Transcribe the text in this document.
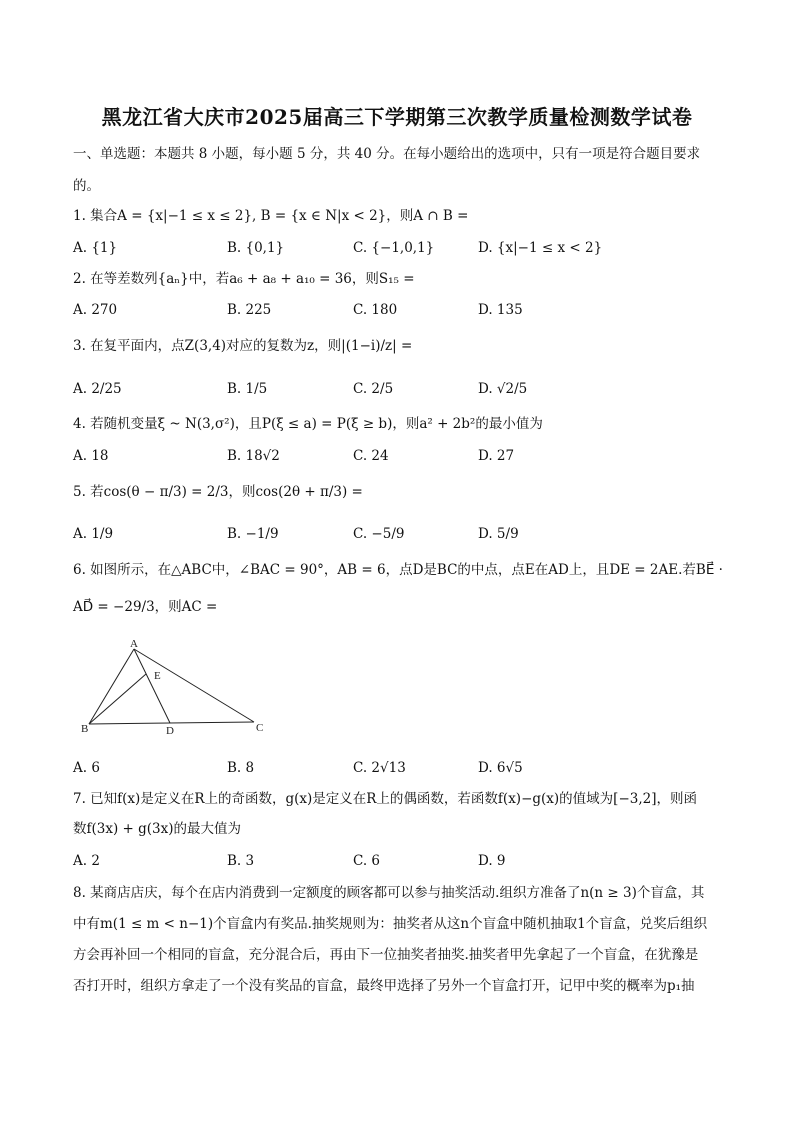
黑龙江省大庆市2025届高三下学期第三次教学质量检测数学试卷
一、单选题：本题共 8 小题，每小题 5 分，共 40 分。在每小题给出的选项中，只有一项是符合题目要求
的。
1. 集合A = {x|−1 ≤ x ≤ 2}, B = {x ∈ N|x < 2}，则A ∩ B =
A. {1}	B. {0,1}	C. {−1,0,1}	D. {x|−1 ≤ x < 2}
2. 在等差数列{aₙ}中，若a₆ + a₈ + a₁₀ = 36，则S₁₅ =
A. 270	B. 225	C. 180	D. 135
3. 在复平面内，点Z(3,4)对应的复数为z，则|(1−i)/z| =
A. 2/25	B. 1/5	C. 2/5	D. √2/5
4. 若随机变量ξ ~ N(3,σ²)，且P(ξ ≤ a) = P(ξ ≥ b)，则a² + 2b²的最小值为
A. 18	B. 18√2	C. 24	D. 27
5. 若cos(θ − π/3) = 2/3，则cos(2θ + π/3) =
A. 1/9	B. −1/9	C. −5/9	D. 5/9
6. 如图所示，在△ABC中，∠BAC = 90°，AB = 6，点D是BC的中点，点E在AD上，且DE = 2AE.若BE⃗ ·
AD⃗ = −29/3，则AC =
A
B	C
D
E
A. 6	B. 8	C. 2√13	D. 6√5
7. 已知f(x)是定义在R上的奇函数，g(x)是定义在R上的偶函数，若函数f(x)−g(x)的值域为[−3,2]，则函
数f(3x) + g(3x)的最大值为
A. 2	B. 3	C. 6	D. 9
8. 某商店店庆，每个在店内消费到一定额度的顾客都可以参与抽奖活动.组织方准备了n(n ≥ 3)个盲盒，其
中有m(1 ≤ m < n−1)个盲盒内有奖品.抽奖规则为：抽奖者从这n个盲盒中随机抽取1个盲盒，兑奖后组织
方会再补回一个相同的盲盒，充分混合后，再由下一位抽奖者抽奖.抽奖者甲先拿起了一个盲盒，在犹豫是
否打开时，组织方拿走了一个没有奖品的盲盒，最终甲选择了另外一个盲盒打开，记甲中奖的概率为p₁抽
